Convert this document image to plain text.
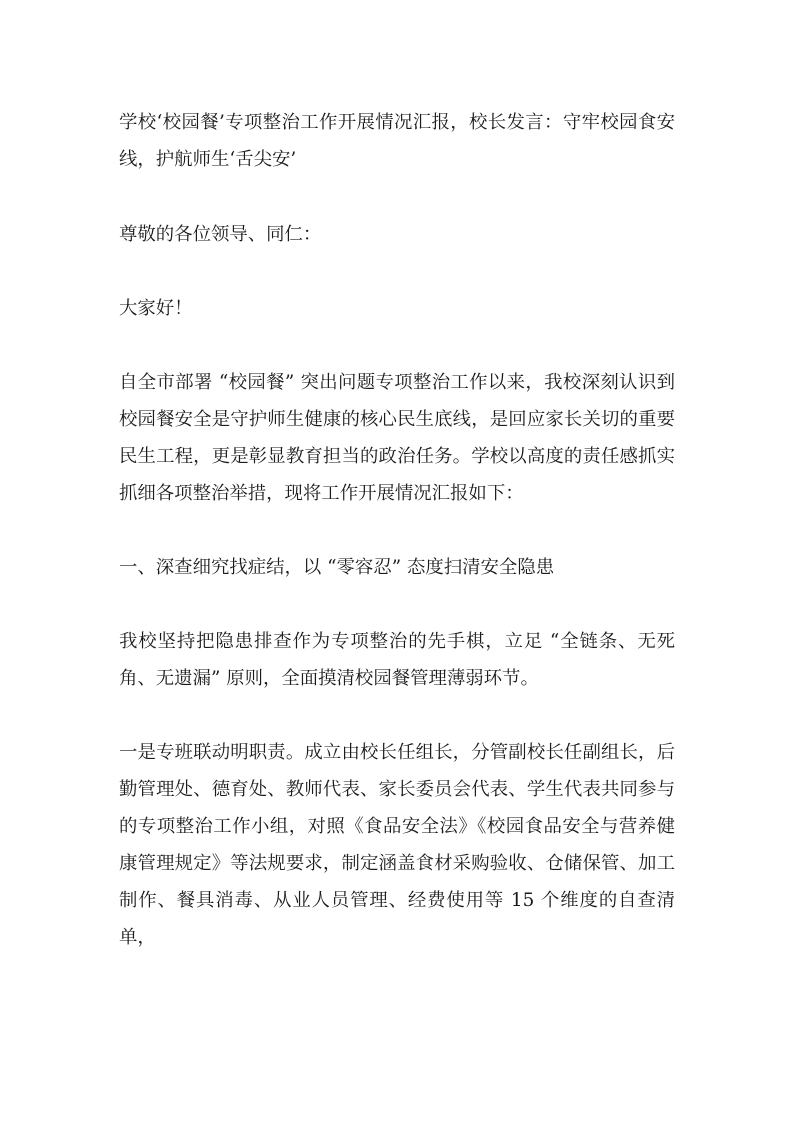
学校‘校园餐’专项整治工作开展情况汇报，校长发言：守牢校园食安线，护航师生‘舌尖安’

尊敬的各位领导、同仁：

大家好！

自全市部署 “校园餐” 突出问题专项整治工作以来，我校深刻认识到校园餐安全是守护师生健康的核心民生底线，是回应家长关切的重要民生工程，更是彰显教育担当的政治任务。学校以高度的责任感抓实抓细各项整治举措，现将工作开展情况汇报如下：

一、深查细究找症结，以 “零容忍” 态度扫清安全隐患

我校坚持把隐患排查作为专项整治的先手棋，立足 “全链条、无死角、无遗漏” 原则，全面摸清校园餐管理薄弱环节。

一是专班联动明职责。成立由校长任组长，分管副校长任副组长，后勤管理处、德育处、教师代表、家长委员会代表、学生代表共同参与的专项整治工作小组，对照《食品安全法》《校园食品安全与营养健康管理规定》等法规要求，制定涵盖食材采购验收、仓储保管、加工制作、餐具消毒、从业人员管理、经费使用等 15 个维度的自查清单，
